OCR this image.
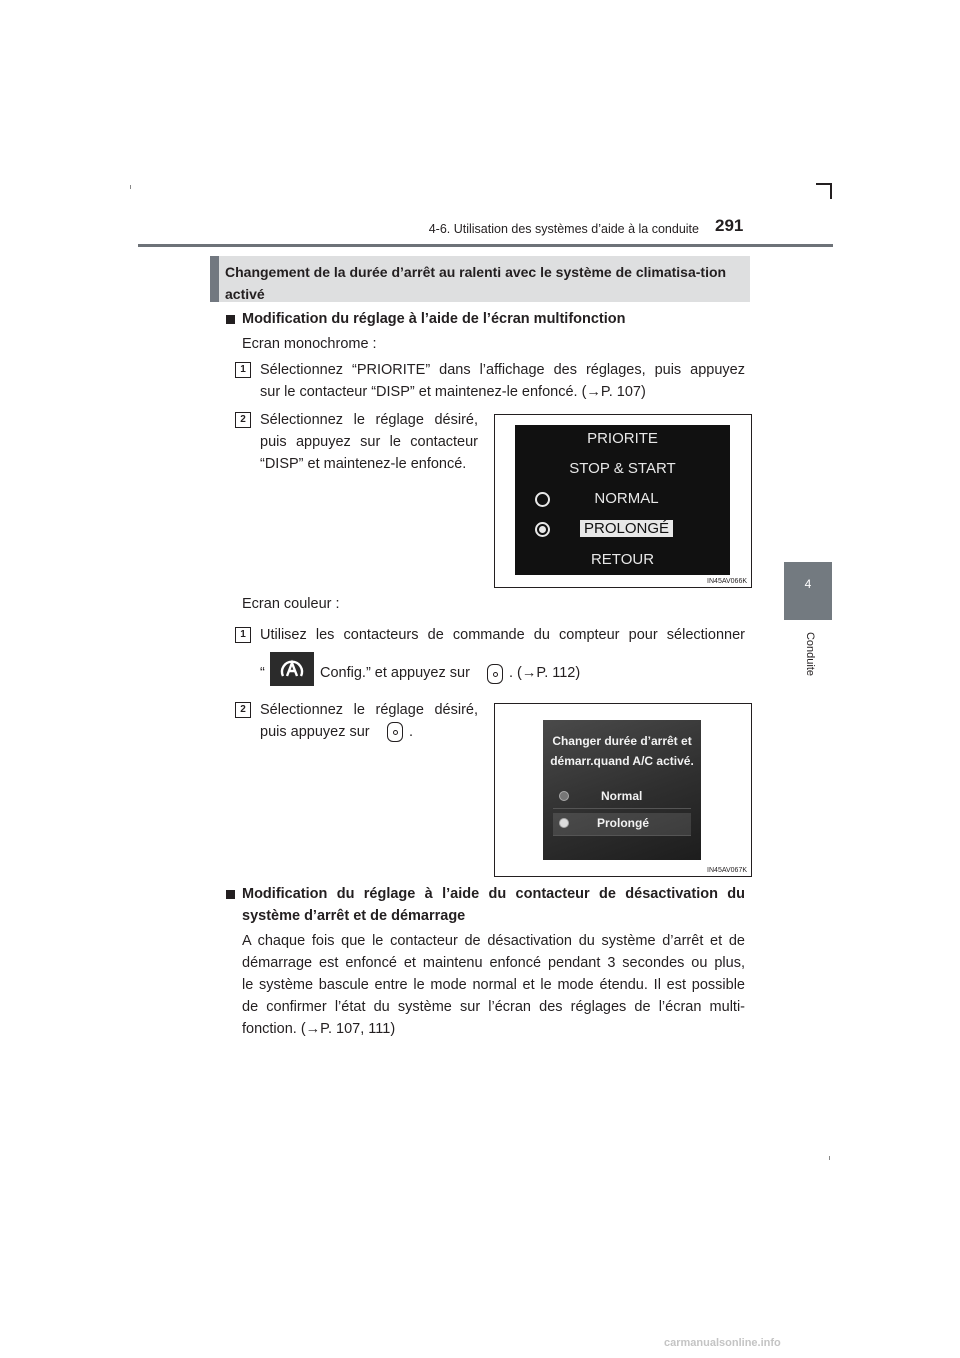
4-6. Utilisation des systèmes d’aide à la conduite 291
4
Conduite
Changement de la durée d’arrêt au ralenti avec le système de climatisa-tion activé
Modification du réglage à l’aide de l’écran multifonction
Ecran monochrome :
1 Sélectionnez “PRIORITE” dans l’affichage des réglages, puis appuyez
sur le contacteur “DISP” et maintenez-le enfoncé. (→P. 107)
2 Sélectionnez le réglage désiré,
puis appuyez sur le contacteur
“DISP” et maintenez-le enfoncé.
PRIORITE
STOP & START
NORMAL
PROLONGÉ
RETOUR
IN45AV066K
Ecran couleur :
1 Utilisez les contacteurs de commande du compteur pour sélectionner
“	Config.” et appuyez sur	. (→P. 112)
2 Sélectionnez le réglage désiré,
puis appuyez sur	.
Changer durée d’arrêt et
démarr.quand A/C activé.
Normal
Prolongé
IN45AV067K
Modification du réglage à l’aide du contacteur de désactivation du
système d’arrêt et de démarrage
A chaque fois que le contacteur de désactivation du système d’arrêt et de
démarrage est enfoncé et maintenu enfoncé pendant 3 secondes ou plus,
le système bascule entre le mode normal et le mode étendu. Il est possible
de confirmer l’état du système sur l’écran des réglages de l’écran multi-
fonction. (→P. 107, 111)
carmanualsonline.info
